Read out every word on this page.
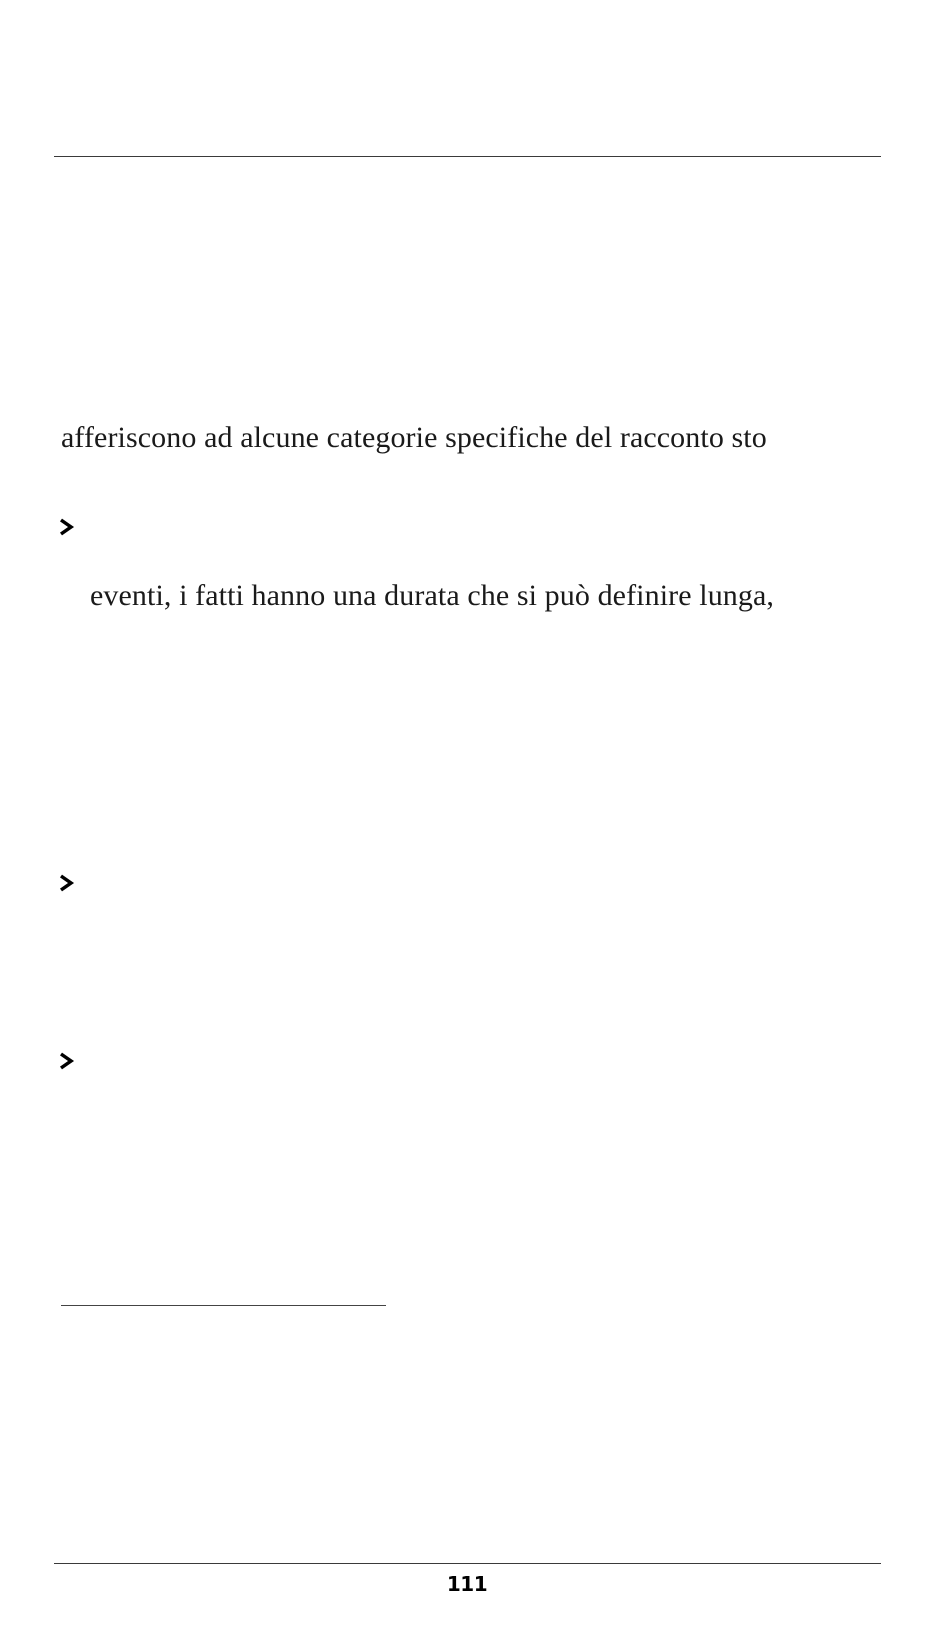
afferiscono ad alcune categorie specifiche del racconto sto
eventi, i fatti hanno una durata che si può definire lunga,
111
